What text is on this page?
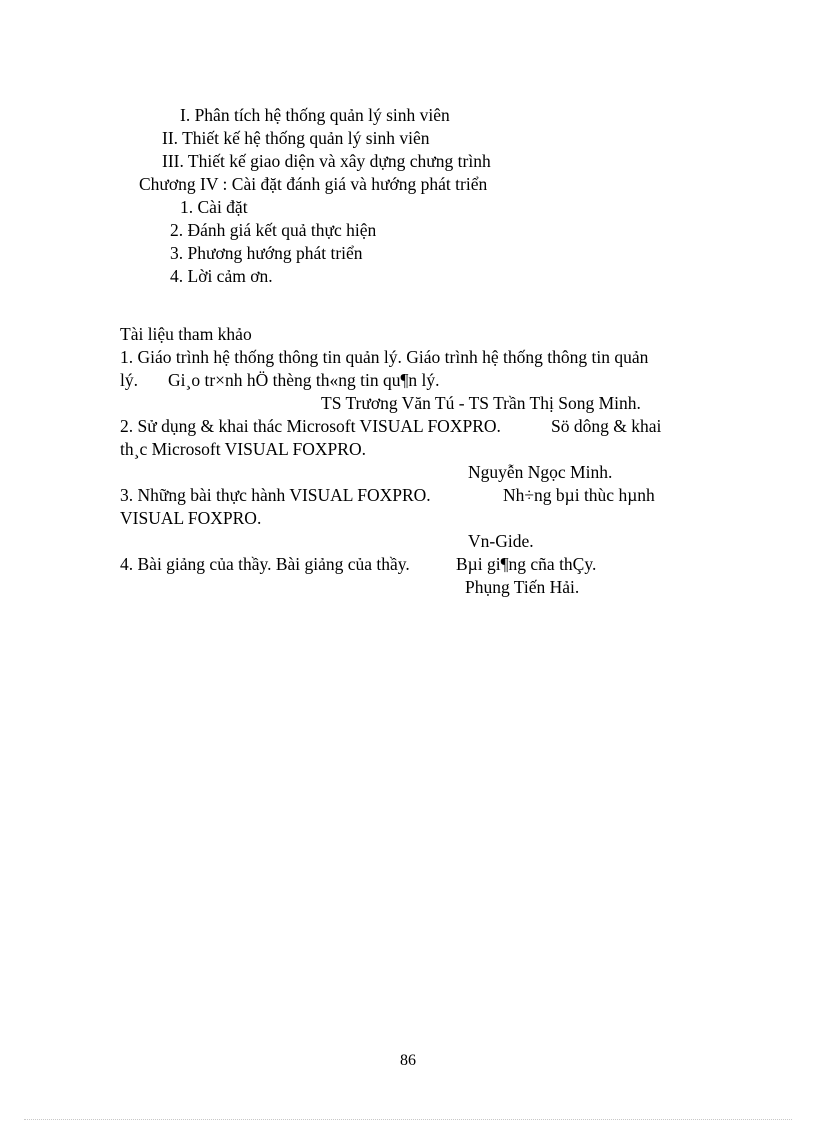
I. Phân tích hệ thống quản lý sinh viên
II. Thiết kế hệ thống quản lý sinh viên
III. Thiết kế giao diện và xây dựng chưng trình
Chương IV : Cài đặt đánh giá và hướng phát triển
1. Cài đặt
2. Đánh giá kết quả thực hiện
3. Phương hướng phát triển
4. Lời cảm ơn.
Tài liệu tham khảo
1. Giáo trình hệ thống thông tin quản lý. Giáo trình hệ thống thông tin quản
lý. Gi¸o tr×nh hÖ thèng th«ng tin qu¶n lý.
TS Trương Văn Tú - TS Trần Thị Song Minh.
2. Sử dụng & khai thác Microsoft VISUAL FOXPRO.	Sö dông & khai
th¸c Microsoft VISUAL FOXPRO.
Nguyễn Ngọc Minh.
3. Những bài thực hành VISUAL FOXPRO.	Nh÷ng bµi thùc hµnh
VISUAL FOXPRO.
Vn-Gide.
4. Bài giảng của thầy. Bài giảng của thầy.	Bµi gi¶ng cña thÇy.
Phụng Tiến Hải.
86
